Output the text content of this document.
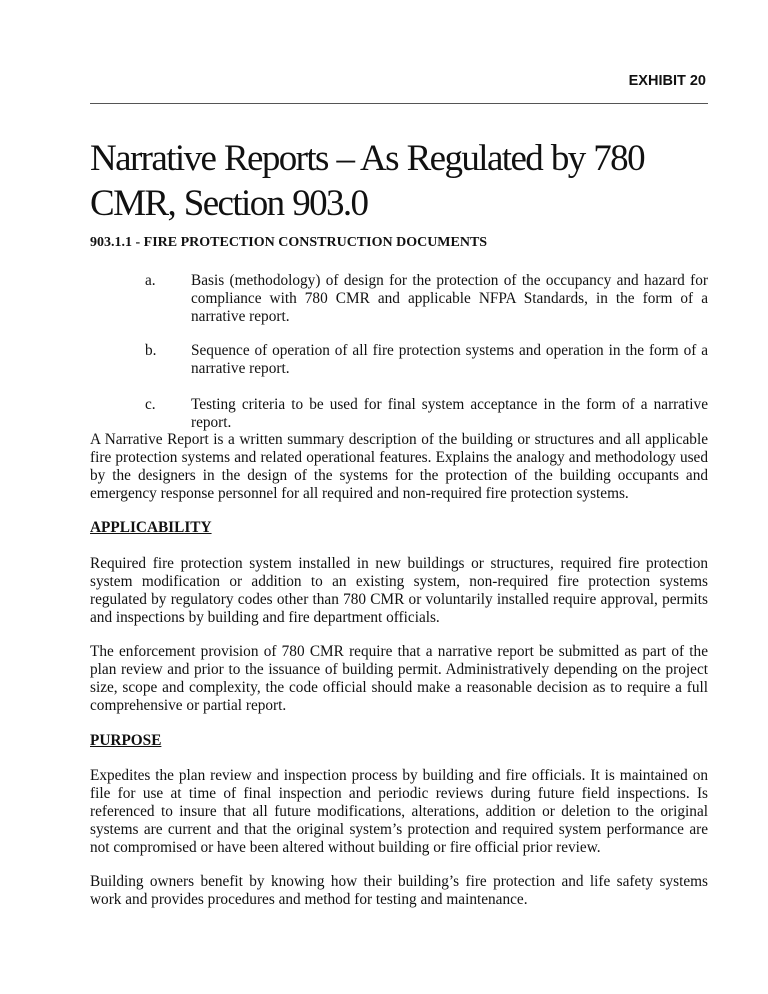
EXHIBIT 20
Narrative Reports – As Regulated by 780 CMR, Section 903.0
903.1.1 - FIRE PROTECTION CONSTRUCTION DOCUMENTS
a. Basis (methodology) of design for the protection of the occupancy and hazard for compliance with 780 CMR and applicable NFPA Standards, in the form of a narrative report.
b. Sequence of operation of all fire protection systems and operation in the form of a narrative report.
c. Testing criteria to be used for final system acceptance in the form of a narrative report.

A Narrative Report is a written summary description of the building or structures and all applicable fire protection systems and related operational features. Explains the analogy and methodology used by the designers in the design of the systems for the protection of the building occupants and emergency response personnel for all required and non-required fire protection systems.

APPLICABILITY

Required fire protection system installed in new buildings or structures, required fire protection system modification or addition to an existing system, non-required fire protection systems regulated by regulatory codes other than 780 CMR or voluntarily installed require approval, permits and inspections by building and fire department officials.

The enforcement provision of 780 CMR require that a narrative report be submitted as part of the plan review and prior to the issuance of building permit. Administratively depending on the project size, scope and complexity, the code official should make a reasonable decision as to require a full comprehensive or partial report.

PURPOSE

Expedites the plan review and inspection process by building and fire officials. It is maintained on file for use at time of final inspection and periodic reviews during future field inspections. Is referenced to insure that all future modifications, alterations, addition or deletion to the original systems are current and that the original system’s protection and required system performance are not compromised or have been altered without building or fire official prior review.

Building owners benefit by knowing how their building’s fire protection and life safety systems work and provides procedures and method for testing and maintenance.
